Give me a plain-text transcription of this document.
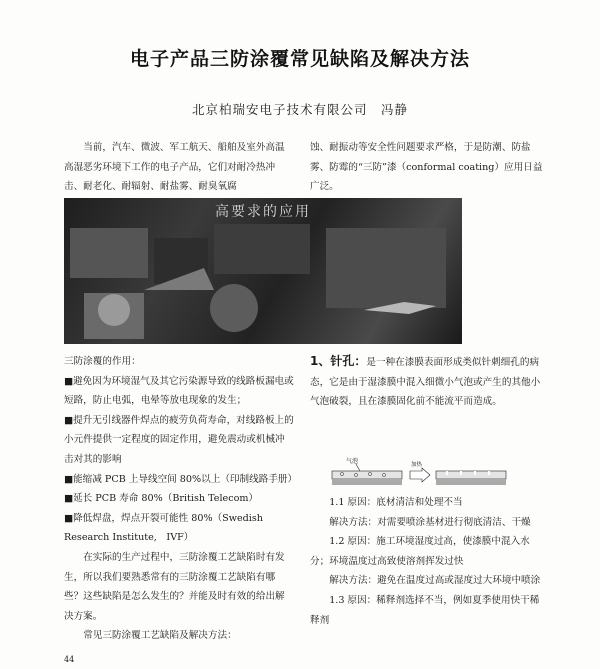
电子产品三防涂覆常见缺陷及解决方法
北京柏瑞安电子技术有限公司　冯静

当前，汽车、微波、军工航天、船舶及室外高温高湿恶劣环境下工作的电子产品，它们对耐冷热冲击、耐老化、耐辐射、耐盐雾、耐臭氧腐

蚀、耐振动等安全性问题要求严格，于是防潮、防盐雾、防霉的“三防”漆（conformal coating）应用日益广泛。

高要求的应用

三防涂覆的作用：

■避免因为环境湿气及其它污染源导致的线路板漏电或短路，防止电弧，电晕等放电现象的发生；

■提升无引线器件焊点的疲劳负荷寿命，对线路板上的小元件提供一定程度的固定作用，避免震动或机械冲击对其的影响

■能缩减 PCB 上导线空间 80%以上（印制线路手册）

■延长 PCB 寿命 80%（British Telecom）

■降低焊盘，焊点开裂可能性 80%（Swedish Research Institute,　IVF）

在实际的生产过程中，三防涂覆工艺缺陷时有发生，所以我们要熟悉常有的三防涂覆工艺缺陷有哪些？这些缺陷是怎么发生的？并能及时有效的给出解决方案。

常见三防涂覆工艺缺陷及解决方法：

1、针孔：是一种在漆膜表面形成类似针刺细孔的病态，它是由于湿漆膜中混入细微小气泡或产生的其他小气泡破裂，且在漆膜固化前不能流平而造成。

气泡	加热

1.1 原因：底材清洁和处理不当

解决方法：对需要喷涂基材进行彻底清洁、干燥

1.2 原因：施工环境湿度过高，使漆膜中混入水分；环境温度过高致使溶剂挥发过快

解决方法：避免在温度过高或湿度过大环境中喷涂

1.3 原因：稀释剂选择不当，例如夏季使用快干稀释剂

44
